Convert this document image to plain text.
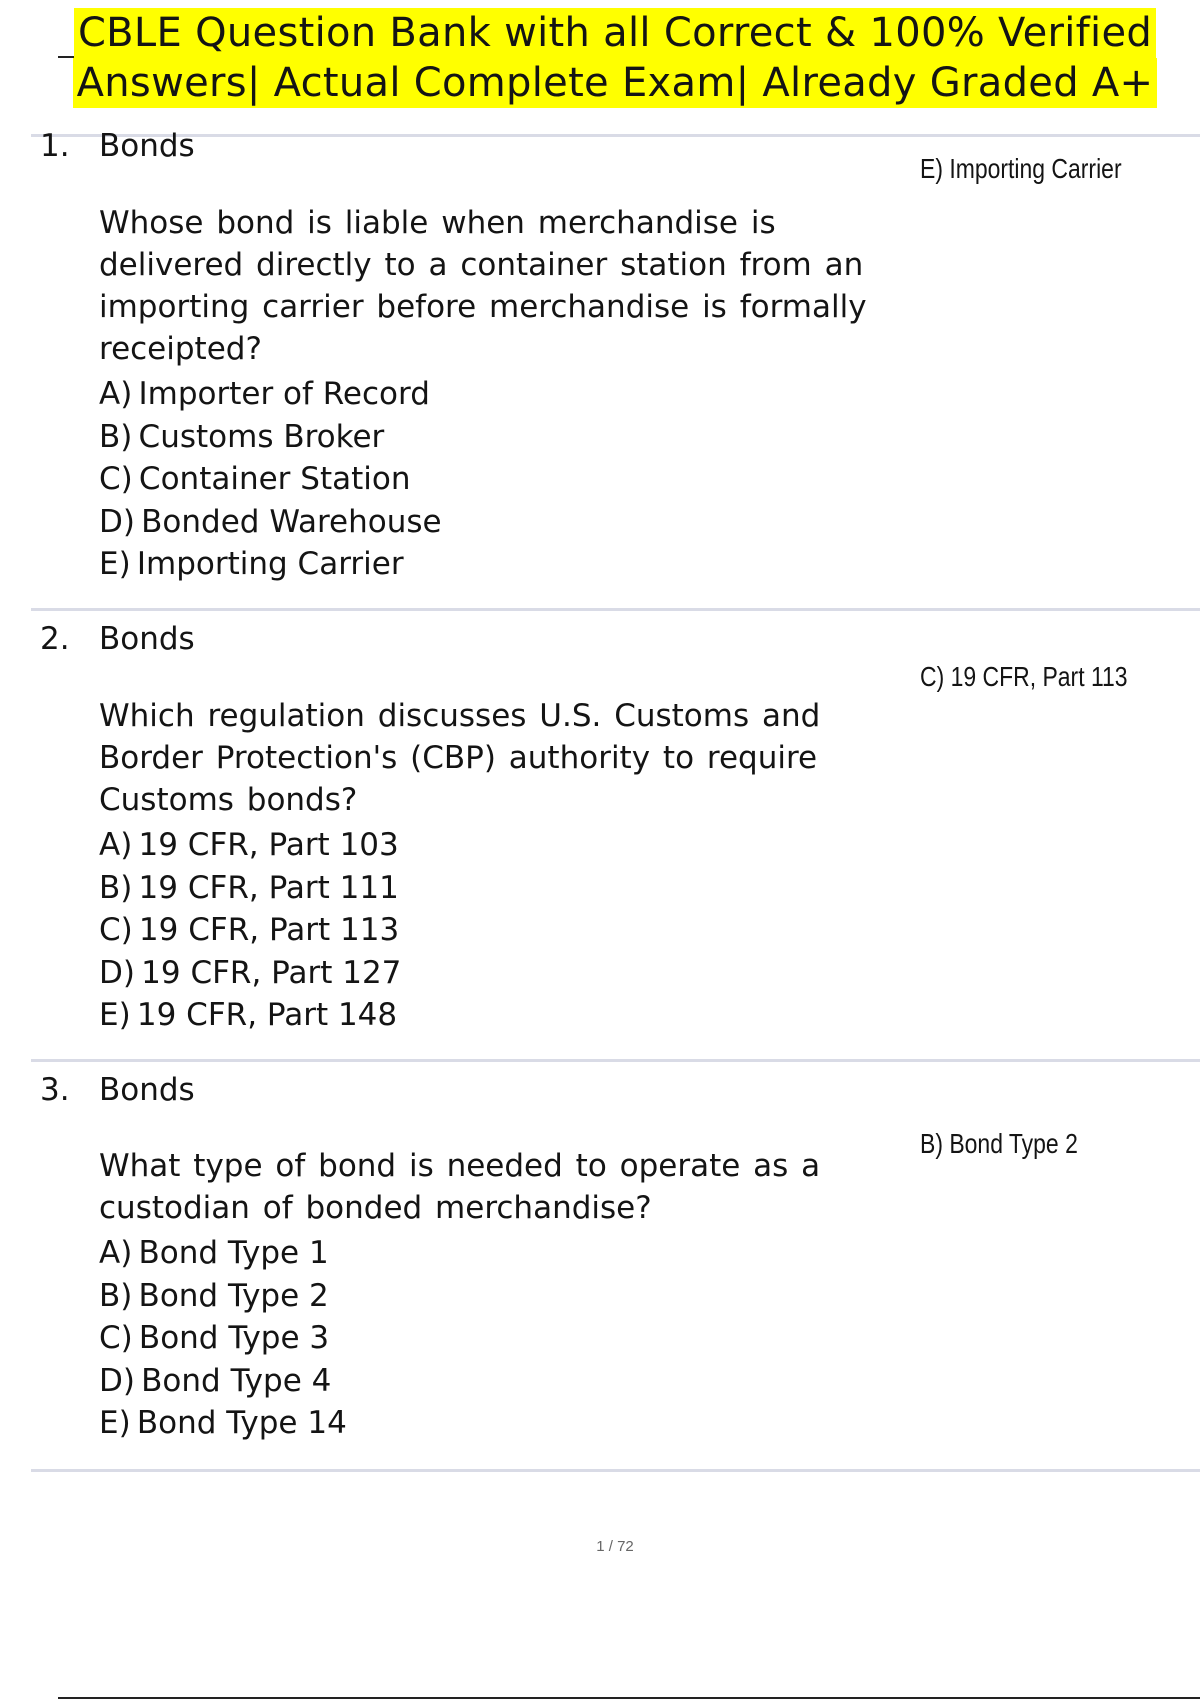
CBLE Question Bank with all Correct & 100% Verified
Answers| Actual Complete Exam| Already Graded A+
1. Bonds
E) Importing Carrier
Whose bond is liable when merchandise is delivered directly to a container station from an importing carrier before merchandise is formally receipted?
A) Importer of Record
B) Customs Broker
C) Container Station
D) Bonded Warehouse
E) Importing Carrier
2. Bonds
C) 19 CFR, Part 113
Which regulation discusses U.S. Customs and Border Protection's (CBP) authority to require Customs bonds?
A) 19 CFR, Part 103
B) 19 CFR, Part 111
C) 19 CFR, Part 113
D) 19 CFR, Part 127
E) 19 CFR, Part 148
3. Bonds
B) Bond Type 2
What type of bond is needed to operate as a custodian of bonded merchandise?
A) Bond Type 1
B) Bond Type 2
C) Bond Type 3
D) Bond Type 4
E) Bond Type 14
1 / 72
